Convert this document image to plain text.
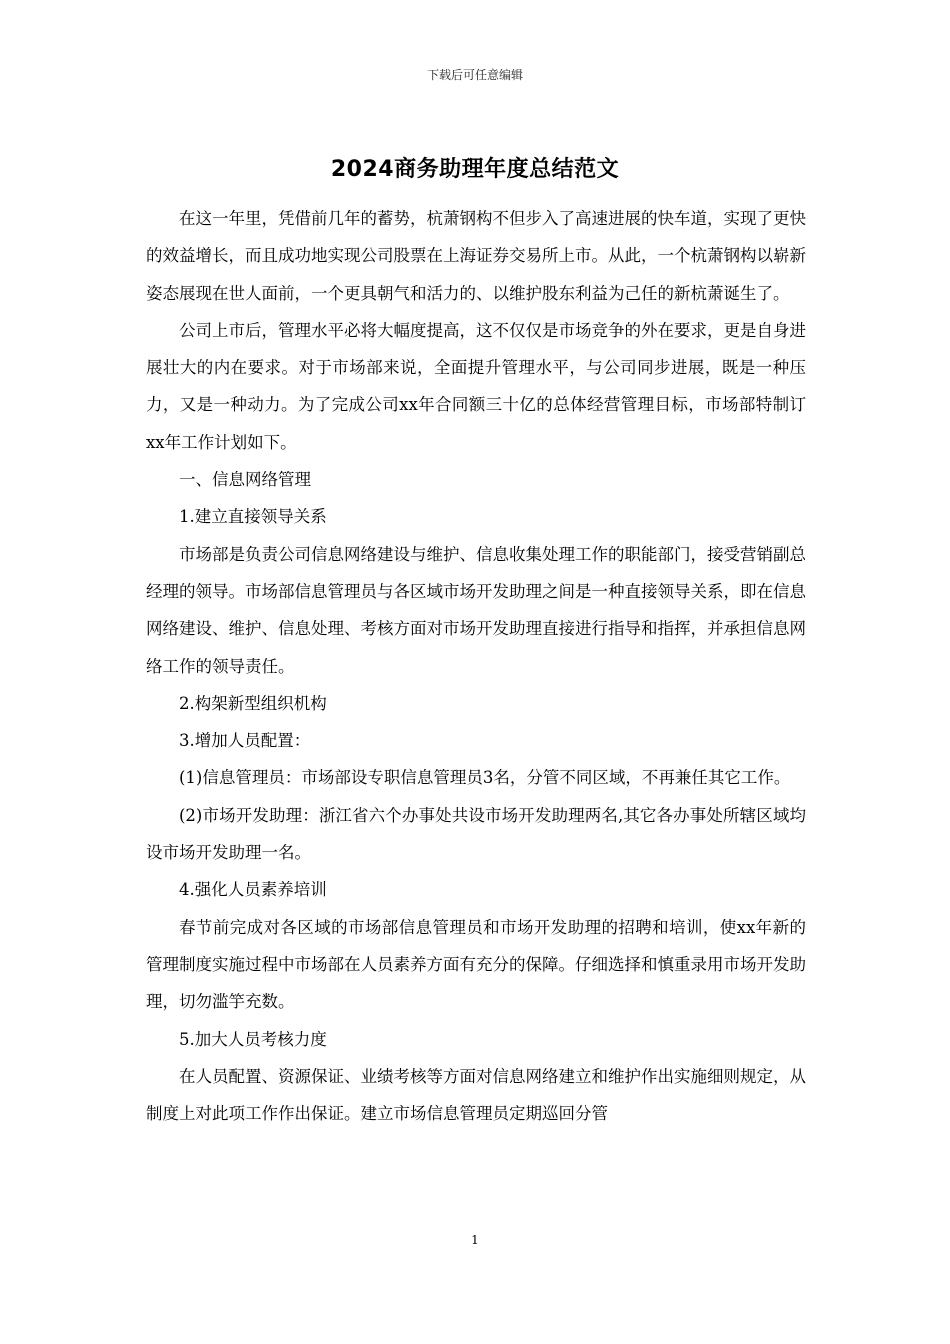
下载后可任意编辑
2024商务助理年度总结范文

在这一年里，凭借前几年的蓄势，杭萧钢构不但步入了高速进展的快车道，实现了更快的效益增长，而且成功地实现公司股票在上海证券交易所上市。从此，一个杭萧钢构以崭新姿态展现在世人面前，一个更具朝气和活力的、以维护股东利益为己任的新杭萧诞生了。

公司上市后，管理水平必将大幅度提高，这不仅仅是市场竞争的外在要求，更是自身进展壮大的内在要求。对于市场部来说，全面提升管理水平，与公司同步进展，既是一种压力，又是一种动力。为了完成公司xx年合同额三十亿的总体经营管理目标，市场部特制订xx年工作计划如下。

一、信息网络管理

1.建立直接领导关系

市场部是负责公司信息网络建设与维护、信息收集处理工作的职能部门，接受营销副总经理的领导。市场部信息管理员与各区域市场开发助理之间是一种直接领导关系，即在信息网络建设、维护、信息处理、考核方面对市场开发助理直接进行指导和指挥，并承担信息网络工作的领导责任。

2.构架新型组织机构

3.增加人员配置：

(1)信息管理员：市场部设专职信息管理员3名，分管不同区域，不再兼任其它工作。

(2)市场开发助理：浙江省六个办事处共设市场开发助理两名,其它各办事处所辖区域均设市场开发助理一名。

4.强化人员素养培训

春节前完成对各区域的市场部信息管理员和市场开发助理的招聘和培训，使xx年新的管理制度实施过程中市场部在人员素养方面有充分的保障。仔细选择和慎重录用市场开发助理，切勿滥竽充数。

5.加大人员考核力度

在人员配置、资源保证、业绩考核等方面对信息网络建立和维护作出实施细则规定，从制度上对此项工作作出保证。建立市场信息管理员定期巡回分管

1
